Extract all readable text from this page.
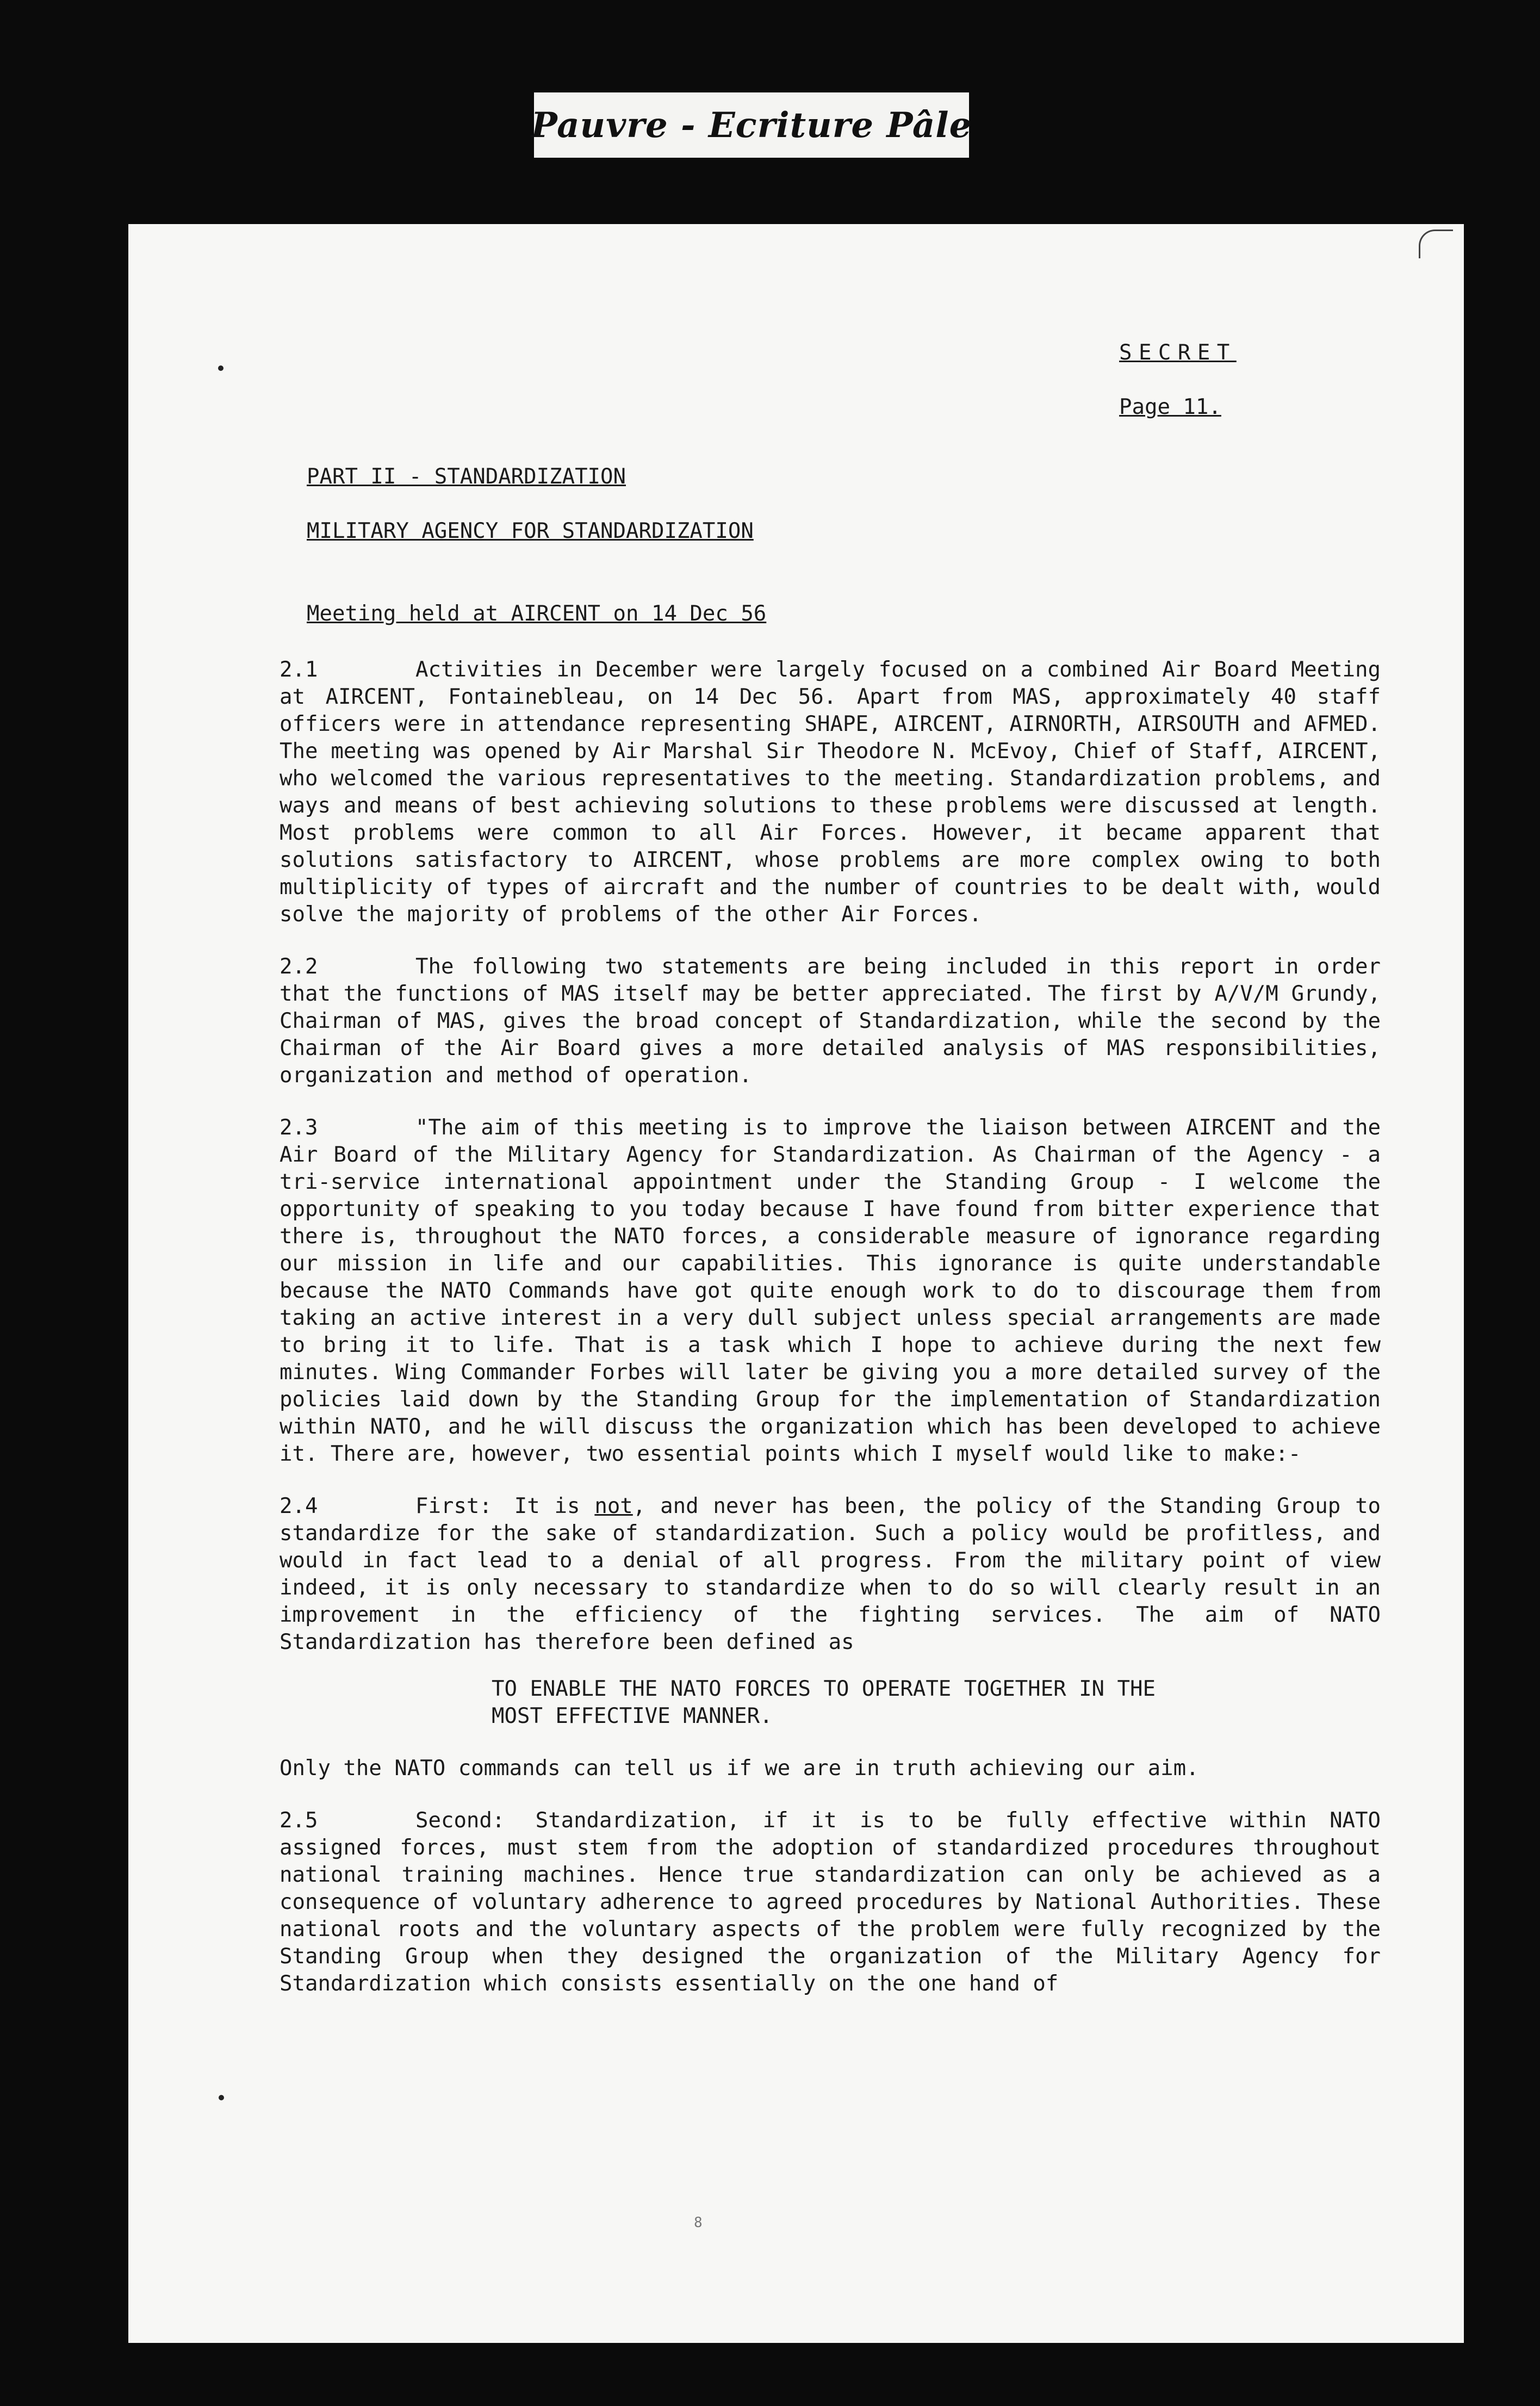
Pauvre - Ecriture Pâle
SECRET
Page 11.
PART II - STANDARDIZATION
MILITARY AGENCY FOR STANDARDIZATION
Meeting held at AIRCENT on 14 Dec 56

2.1	Activities in December were largely focused on a combined Air Board Meeting at AIRCENT, Fontainebleau, on 14 Dec 56. Apart from MAS, approximately 40 staff officers were in attendance representing SHAPE, AIRCENT, AIRNORTH, AIRSOUTH and AFMED. The meeting was opened by Air Marshal Sir Theodore N. McEvoy, Chief of Staff, AIRCENT, who welcomed the various representatives to the meeting. Standardization problems, and ways and means of best achieving solutions to these problems were discussed at length. Most problems were common to all Air Forces. However, it became apparent that solutions satisfactory to AIRCENT, whose problems are more complex owing to both multiplicity of types of aircraft and the number of countries to be dealt with, would solve the majority of problems of the other Air Forces.

2.2	The following two statements are being included in this report in order that the functions of MAS itself may be better appreciated. The first by A/V/M Grundy, Chairman of MAS, gives the broad concept of Standardization, while the second by the Chairman of the Air Board gives a more detailed analysis of MAS responsibilities, organization and method of operation.

2.3	"The aim of this meeting is to improve the liaison between AIRCENT and the Air Board of the Military Agency for Standardization. As Chairman of the Agency - a tri-service international appointment under the Standing Group - I welcome the opportunity of speaking to you today because I have found from bitter experience that there is, throughout the NATO forces, a considerable measure of ignorance regarding our mission in life and our capabilities. This ignorance is quite understandable because the NATO Commands have got quite enough work to do to discourage them from taking an active interest in a very dull subject unless special arrangements are made to bring it to life. That is a task which I hope to achieve during the next few minutes. Wing Commander Forbes will later be giving you a more detailed survey of the policies laid down by the Standing Group for the implementation of Standardization within NATO, and he will discuss the organization which has been developed to achieve it. There are, however, two essential points which I myself would like to make:-

2.4	First: It is not, and never has been, the policy of the Standing Group to standardize for the sake of standardization. Such a policy would be profitless, and would in fact lead to a denial of all progress. From the military point of view indeed, it is only necessary to standardize when to do so will clearly result in an improvement in the efficiency of the fighting services. The aim of NATO Standardization has therefore been defined as

TO ENABLE THE NATO FORCES TO OPERATE TOGETHER IN THE MOST EFFECTIVE MANNER.

Only the NATO commands can tell us if we are in truth achieving our aim.

2.5	Second: Standardization, if it is to be fully effective within NATO assigned forces, must stem from the adoption of standardized procedures throughout national training machines. Hence true standardization can only be achieved as a consequence of voluntary adherence to agreed procedures by National Authorities. These national roots and the voluntary aspects of the problem were fully recognized by the Standing Group when they designed the organization of the Military Agency for Standardization which consists essentially on the one hand of

8
